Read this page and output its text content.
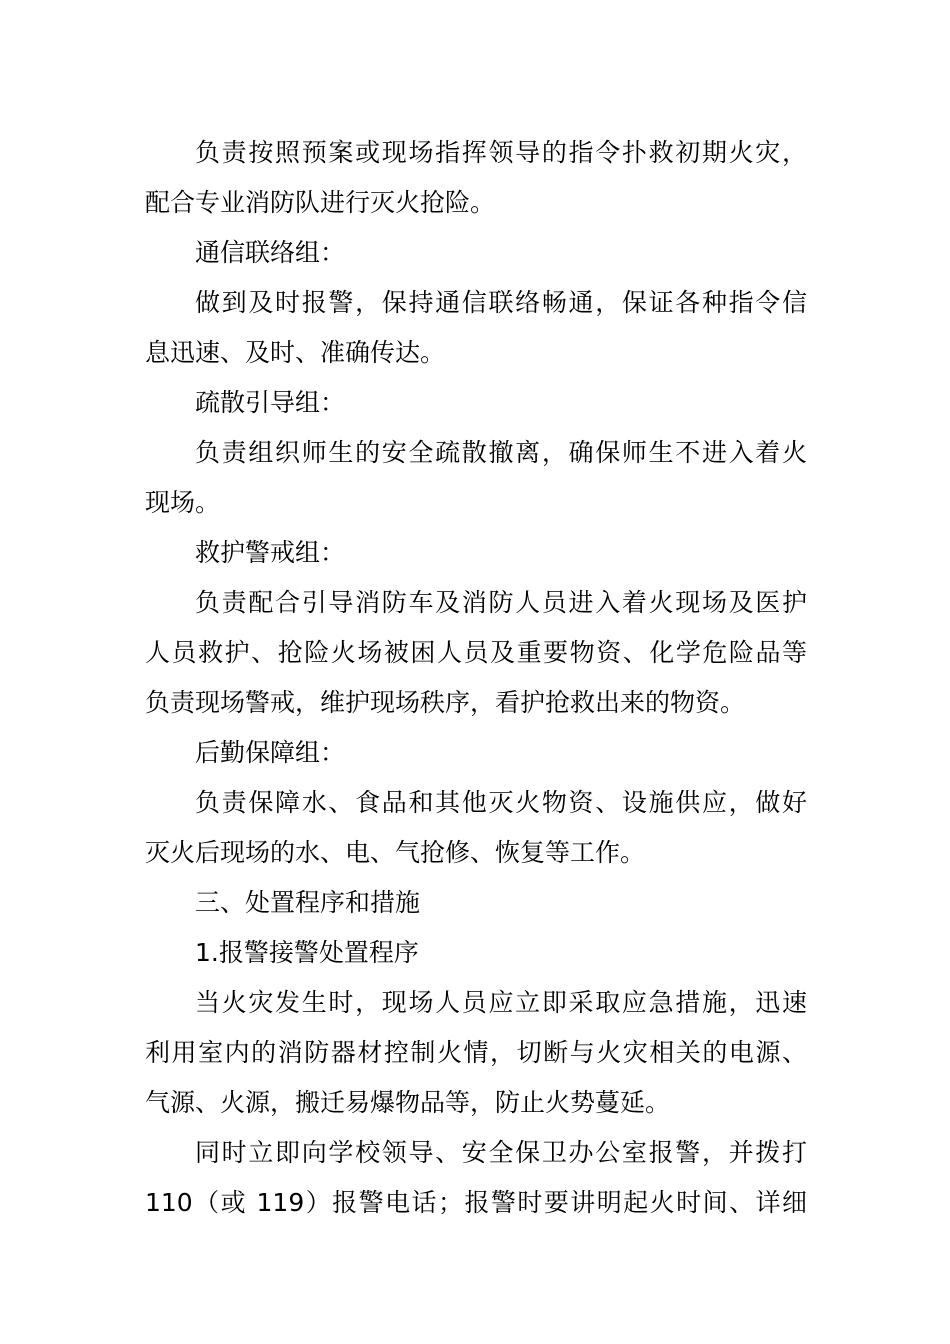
负责按照预案或现场指挥领导的指令扑救初期火灾，
配合专业消防队进行灭火抢险。
通信联络组：
做到及时报警，保持通信联络畅通，保证各种指令信
息迅速、及时、准确传达。
疏散引导组：
负责组织师生的安全疏散撤离，确保师生不进入着火
现场。
救护警戒组：
负责配合引导消防车及消防人员进入着火现场及医护
人员救护、抢险火场被困人员及重要物资、化学危险品等
负责现场警戒，维护现场秩序，看护抢救出来的物资。
后勤保障组：
负责保障水、食品和其他灭火物资、设施供应，做好
灭火后现场的水、电、气抢修、恢复等工作。
三、处置程序和措施
1.报警接警处置程序
当火灾发生时，现场人员应立即采取应急措施，迅速
利用室内的消防器材控制火情，切断与火灾相关的电源、
气源、火源，搬迁易爆物品等，防止火势蔓延。
同时立即向学校领导、安全保卫办公室报警，并拨打
110（或 119）报警电话；报警时要讲明起火时间、详细
